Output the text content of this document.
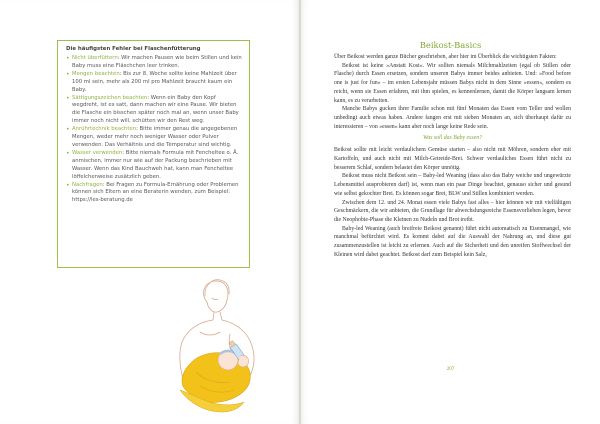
Die häufigsten Fehler bei Flaschenfütterung
• Nicht überfüttern: Wir machen Pausen wie beim Stillen und kein Baby muss eine Fläschchen leer trinken.
• Mengen beachten: Bis zur 8. Woche sollte keine Mahlzeit über 100 ml sein, mehr als 200 ml pro Mahlzeit braucht kaum ein Baby.
• Sättigungszeichen beachten: Wenn ein Baby den Kopf wegdreht, ist es satt, dann machen wir eine Pause. Wir bieten die Flasche ein bisschen später noch mal an, wenn unser Baby immer noch nicht will, schütten wir den Rest weg.
• Anrührtechnik beachten: Bitte immer genau die angegebenen Mengen, weder mehr noch weniger Wasser oder Pulver verwenden. Das Verhältnis und die Temperatur sind wichtig.
• Wasser verwenden: Bitte niemals Formula mit Fencheltee o. Ä. anmischen, immer nur wie auf der Packung beschrieben mit Wasser. Wenn das Kind Bauchweh hat, kann man Fencheltee löffelchenweise zusätzlich geben.
• Nachfragen: Bei Fragen zu Formula-Ernährung oder Problemen können sich Eltern an eine Beraterin wenden, zum Beispiel: https://les-beratung.de
Beikost-Basics

Über Beikost werden ganze Bücher geschrieben, aber hier im Überblick die wichtigsten Fakten:

Beikost ist keine »Anstatt Kost«. Wir sollten niemals Milchmahlzeiten (egal ob Stillen oder Flasche) durch Essen ersetzen, sondern unseren Babys immer beides anbieten. Und: »Food before one is just for fun« – im ersten Lebensjahr müssen Babys nicht in dem Sinne »essen«, sondern es reicht, wenn sie Essen erfahren, mit ihm spielen, es kennenlernen, damit die Körper langsam lernen kann, es zu verarbeiten.

Manche Babys gucken ihrer Familie schon mit fünf Monaten das Essen vom Teller und wollen unbedingt auch etwas haben. Andere fangen erst mit sieben Monaten an, sich überhaupt dafür zu interessieren – von »essen« kann aber noch lange keine Rede sein.

Was soll das Baby essen?

Beikost sollte mit leicht verdaulichem Gemüse starten – also nicht mit Möhren, sondern eher mit Kartoffeln, und auch nicht mit Milch-Getreide-Brei. Schwer verdauliches Essen führt nicht zu besserem Schlaf, sondern belastet den Körper unnötig.

Beikost muss nicht Beikost sein – Baby-led Weaning (dass also das Baby weiche und ungewürzte Lebensmittel ausprobieren darf) ist, wenn man ein paar Dinge beachtet, genauso sicher und gesund wie selbst gekochter Brei. Es können sogar Brei, BLW und Stillen kombiniert werden.

Zwischen dem 12. und 24. Monat essen viele Babys fast alles – hier können wir mit vielfältigen Geschmäckern, die wir anbieten, die Grundlage für abwechslungsreiche Essensvorlieben legen, bevor die Neophobie-Phase die Kleinen zu Nudeln und Brot treibt.

Baby-led Weaning (auch breifreie Beikost genannt) führt nicht automatisch zu Eisenmangel, wie manchmal befürchtet wird. Es kommt dabei auf die Auswahl der Nahrung an, und diese gut zusammenzustellen ist leicht zu erlernen. Auch auf die Sicherheit und den unreifen Stoffwechsel der Kleinen wird dabei geachtet. Beikost darf zum Beispiel kein Salz,

207
